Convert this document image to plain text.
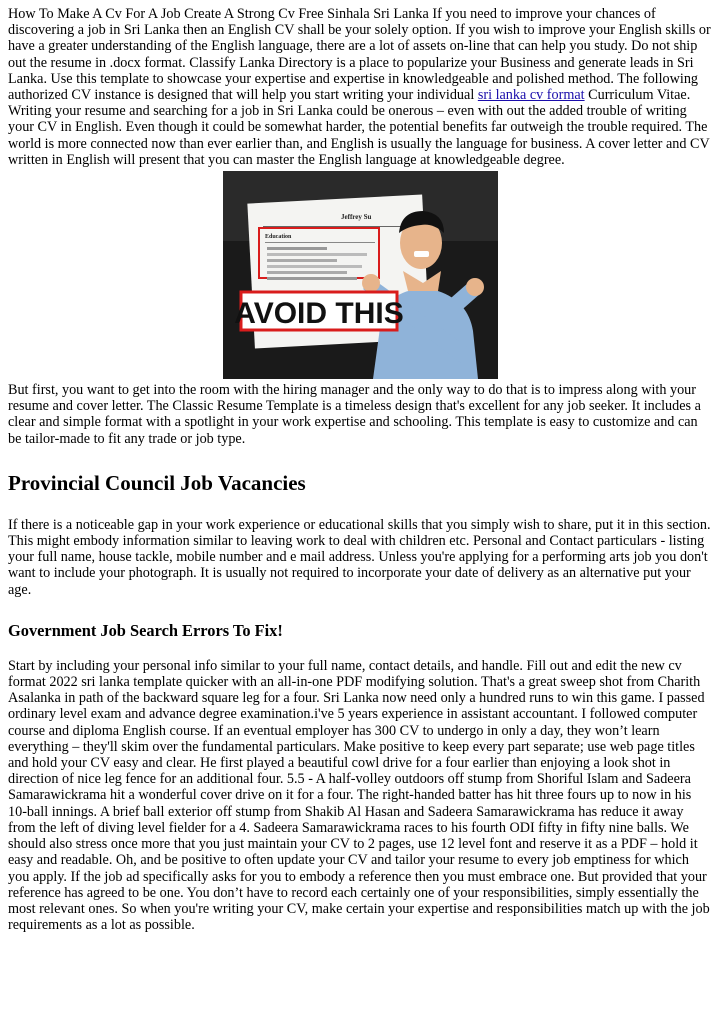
How To Make A Cv For A Job Create A Strong Cv Free Sinhala Sri Lanka If you need to improve your chances of discovering a job in Sri Lanka then an English CV shall be your solely option. If you wish to improve your English skills or have a greater understanding of the English language, there are a lot of assets on-line that can help you study. Do not ship out the resume in .docx format. Classify Lanka Directory is a place to popularize your Business and generate leads in Sri Lanka. Use this template to showcase your expertise and expertise in knowledgeable and polished method. The following authorized CV instance is designed that will help you start writing your individual sri lanka cv format Curriculum Vitae. Writing your resume and searching for a job in Sri Lanka could be onerous – even with out the added trouble of writing your CV in English. Even though it could be somewhat harder, the potential benefits far outweigh the trouble required. The world is more connected now than ever earlier than, and English is usually the language for business. A cover letter and CV written in English will present that you can master the English language at knowledgeable degree.

Jeffrey Su
Education
AVOID THIS

But first, you want to get into the room with the hiring manager and the only way to do that is to impress along with your resume and cover letter. The Classic Resume Template is a timeless design that's excellent for any job seeker. It includes a clear and simple format with a spotlight in your work expertise and schooling. This template is easy to customize and can be tailor-made to fit any trade or job type.

Provincial Council Job Vacancies

If there is a noticeable gap in your work experience or educational skills that you simply wish to share, put it in this section. This might embody information similar to leaving work to deal with children etc. Personal and Contact particulars - listing your full name, house tackle, mobile number and e mail address. Unless you're applying for a performing arts job you don't want to include your photograph. It is usually not required to incorporate your date of delivery as an alternative put your age.

Government Job Search Errors To Fix!

Start by including your personal info similar to your full name, contact details, and handle. Fill out and edit the new cv format 2022 sri lanka template quicker with an all-in-one PDF modifying solution. That's a great sweep shot from Charith Asalanka in path of the backward square leg for a four. Sri Lanka now need only a hundred runs to win this game. I passed ordinary level exam and advance degree examination.i've 5 years experience in assistant accountant. I followed computer course and diploma English course. If an eventual employer has 300 CV to undergo in only a day, they won’t learn everything – they'll skim over the fundamental particulars. Make positive to keep every part separate; use web page titles and hold your CV easy and clear. He first played a beautiful cowl drive for a four earlier than enjoying a look shot in direction of nice leg fence for an additional four. 5.5 - A half-volley outdoors off stump from Shoriful Islam and Sadeera Samarawickrama hit a wonderful cover drive on it for a four. The right-handed batter has hit three fours up to now in his 10-ball innings. A brief ball exterior off stump from Shakib Al Hasan and Sadeera Samarawickrama has reduce it away from the left of diving level fielder for a 4. Sadeera Samarawickrama races to his fourth ODI fifty in fifty nine balls. We should also stress once more that you just maintain your CV to 2 pages, use 12 level font and reserve it as a PDF – hold it easy and readable. Oh, and be positive to often update your CV and tailor your resume to every job emptiness for which you apply. If the job ad specifically asks for you to embody a reference then you must embrace one. But provided that your reference has agreed to be one. You don’t have to record each certainly one of your responsibilities, simply essentially the most relevant ones. So when you're writing your CV, make certain your expertise and responsibilities match up with the job requirements as a lot as possible.
